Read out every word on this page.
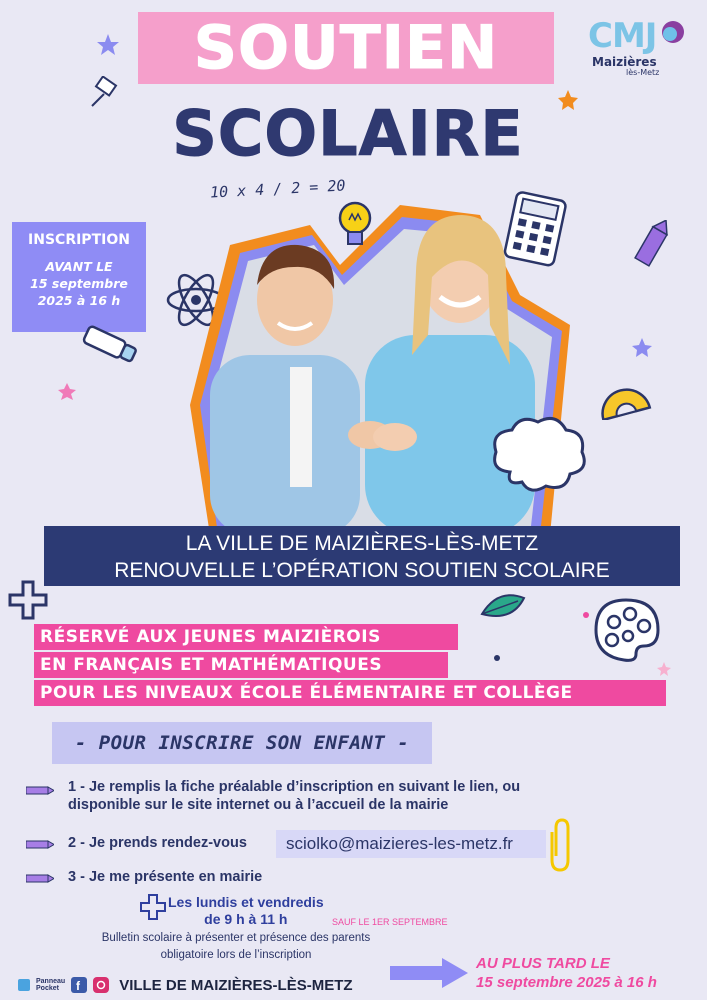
SOUTIEN
SCOLAIRE
CMJ
Maizières
lès-Metz
INSCRIPTION
AVANT LE
15 septembre
2025 à 16 h
10 x 4 / 2 = 20
LA VILLE DE MAIZIÈRES-LÈS-METZ
RENOUVELLE L’OPÉRATION SOUTIEN SCOLAIRE
RÉSERVÉ AUX JEUNES MAIZIÈROIS
EN FRANÇAIS ET MATHÉMATIQUES
POUR LES NIVEAUX ÉCOLE ÉLÉMENTAIRE ET COLLÈGE
- POUR INSCRIRE SON ENFANT -
1 - Je remplis la fiche préalable d’inscription en suivant le lien, ou
disponible sur le site internet ou à l’accueil de la mairie
2 - Je prends rendez-vous	sciolko@maizieres-les-metz.fr
3 - Je me présente en mairie
Les lundis et vendredis
de 9 h à 11 h	SAUF LE 1ER SEPTEMBRE
Bulletin scolaire à présenter et présence des parents
obligatoire lors de l’inscription	AU PLUS TARD LE
15 septembre 2025 à 16 h
Panneau
Pocket	f	VILLE DE MAIZIÈRES-LÈS-METZ
